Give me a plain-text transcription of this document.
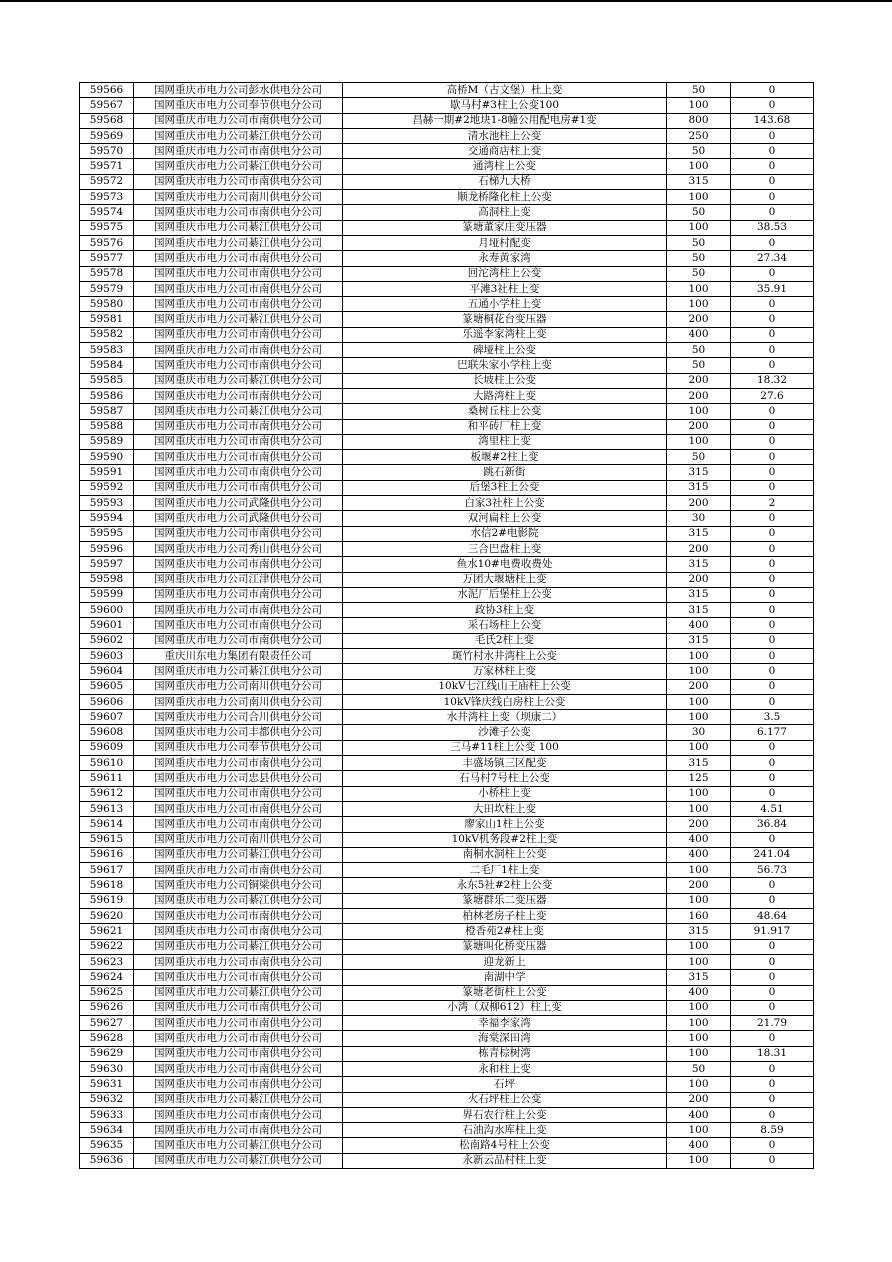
59566	国网重庆市电力公司彭水供电分公司	高桥M（古文堡）杜上变	50	0
59567	国网重庆市电力公司奉节供电分公司	歇马村#3柱上公变100	100	0
59568	国网重庆市电力公司市南供电分公司	昌赫一期#2地块1-8幢公用配电房#1变	800	143.68
59569	国网重庆市电力公司綦江供电分公司	清水池柱上公变	250	0
59570	国网重庆市电力公司市南供电分公司	交通商店柱上变	50	0
59571	国网重庆市电力公司綦江供电分公司	通湾柱上公变	100	0
59572	国网重庆市电力公司市南供电分公司	石梯九大桥	315	0
59573	国网重庆市电力公司南川供电分公司	顺龙桥隆化柱上公变	100	0
59574	国网重庆市电力公司市南供电分公司	高洞柱上变	50	0
59575	国网重庆市电力公司綦江供电分公司	篆塘董家庄变压器	100	38.53
59576	国网重庆市电力公司綦江供电分公司	月垭村配变	50	0
59577	国网重庆市电力公司市南供电分公司	永寿黄家湾	50	27.34
59578	国网重庆市电力公司市南供电分公司	回沱湾柱上公变	50	0
59579	国网重庆市电力公司市南供电分公司	平滩3社柱上变	100	35.91
59580	国网重庆市电力公司市南供电分公司	五通小学柱上变	100	0
59581	国网重庆市电力公司綦江供电分公司	篆塘桐花台变压器	200	0
59582	国网重庆市电力公司市南供电分公司	乐遥李家湾柱上变	400	0
59583	国网重庆市电力公司市南供电分公司	碑垭柱上公变	50	0
59584	国网重庆市电力公司市南供电分公司	巴联朱家小学柱上变	50	0
59585	国网重庆市电力公司綦江供电分公司	长坡柱上公变	200	18.32
59586	国网重庆市电力公司市南供电分公司	大路湾柱上变	200	27.6
59587	国网重庆市电力公司綦江供电分公司	桑树丘柱上公变	100	0
59588	国网重庆市电力公司市南供电分公司	和平砖厂柱上变	200	0
59589	国网重庆市电力公司市南供电分公司	湾里柱上变	100	0
59590	国网重庆市电力公司市南供电分公司	板堰#2柱上变	50	0
59591	国网重庆市电力公司市南供电分公司	跳石新街	315	0
59592	国网重庆市电力公司市南供电分公司	后堡3柱上公变	315	0
59593	国网重庆市电力公司武隆供电分公司	白家3社柱上公变	200	2
59594	国网重庆市电力公司武隆供电分公司	双河扁柱上公变	30	0
59595	国网重庆市电力公司市南供电分公司	水信2#电影院	315	0
59596	国网重庆市电力公司秀山供电分公司	三合巴盘柱上变	200	0
59597	国网重庆市电力公司市南供电分公司	鱼水10#电费收费处	315	0
59598	国网重庆市电力公司江津供电分公司	万团大堰塘柱上变	200	0
59599	国网重庆市电力公司市南供电分公司	水泥厂后堡柱上公变	315	0
59600	国网重庆市电力公司市南供电分公司	政协3柱上变	315	0
59601	国网重庆市电力公司市南供电分公司	采石场柱上公变	400	0
59602	国网重庆市电力公司市南供电分公司	毛氏2柱上变	315	0
59603	重庆川东电力集团有限责任公司	斑竹村水井湾柱上公变	100	0
59604	国网重庆市电力公司綦江供电分公司	万家林柱上变	100	0
59605	国网重庆市电力公司南川供电分公司	10kV七江线山王庙柱上公变	200	0
59606	国网重庆市电力公司南川供电分公司	10kV锋庆线白房柱上公变	100	0
59607	国网重庆市电力公司合川供电分公司	水井湾柱上变（坝康二）	100	3.5
59608	国网重庆市电力公司丰都供电分公司	沙滩子公变	30	6.177
59609	国网重庆市电力公司奉节供电分公司	三马#11柱上公变 100	100	0
59610	国网重庆市电力公司市南供电分公司	丰盛场镇三区配变	315	0
59611	国网重庆市电力公司忠县供电分公司	石马村7号柱上公变	125	0
59612	国网重庆市电力公司市南供电分公司	小桥柱上变	100	0
59613	国网重庆市电力公司市南供电分公司	大田坎柱上变	100	4.51
59614	国网重庆市电力公司市南供电分公司	廖家山1柱上公变	200	36.84
59615	国网重庆市电力公司南川供电分公司	10kV机务段#2柱上变	400	0
59616	国网重庆市电力公司綦江供电分公司	南桐水洞柱上公变	400	241.04
59617	国网重庆市电力公司市南供电分公司	二毛厂1柱上变	100	56.73
59618	国网重庆市电力公司铜梁供电分公司	永东5社#2柱上公变	200	0
59619	国网重庆市电力公司綦江供电分公司	篆塘群乐二变压器	100	0
59620	国网重庆市电力公司市南供电分公司	柏林老房子柱上变	160	48.64
59621	国网重庆市电力公司市南供电分公司	橙香苑2#柱上变	315	91.917
59622	国网重庆市电力公司綦江供电分公司	篆塘叫化桥变压器	100	0
59623	国网重庆市电力公司市南供电分公司	迎龙新上	100	0
59624	国网重庆市电力公司市南供电分公司	南湖中学	315	0
59625	国网重庆市电力公司綦江供电分公司	篆塘老街柱上公变	400	0
59626	国网重庆市电力公司市南供电分公司	小湾（双柳612）柱上变	100	0
59627	国网重庆市电力公司市南供电分公司	幸福李家湾	100	21.79
59628	国网重庆市电力公司市南供电分公司	海棠深田湾	100	0
59629	国网重庆市电力公司市南供电分公司	栋青棕树湾	100	18.31
59630	国网重庆市电力公司市南供电分公司	永和柱上变	50	0
59631	国网重庆市电力公司市南供电分公司	石坪	100	0
59632	国网重庆市电力公司綦江供电分公司	火石坪柱上公变	200	0
59633	国网重庆市电力公司市南供电分公司	界石农行柱上公变	400	0
59634	国网重庆市电力公司市南供电分公司	石油沟水库柱上变	100	8.59
59635	国网重庆市电力公司綦江供电分公司	松南路4号柱上公变	400	0
59636	国网重庆市电力公司綦江供电分公司	永新云品村柱上变	100	0
